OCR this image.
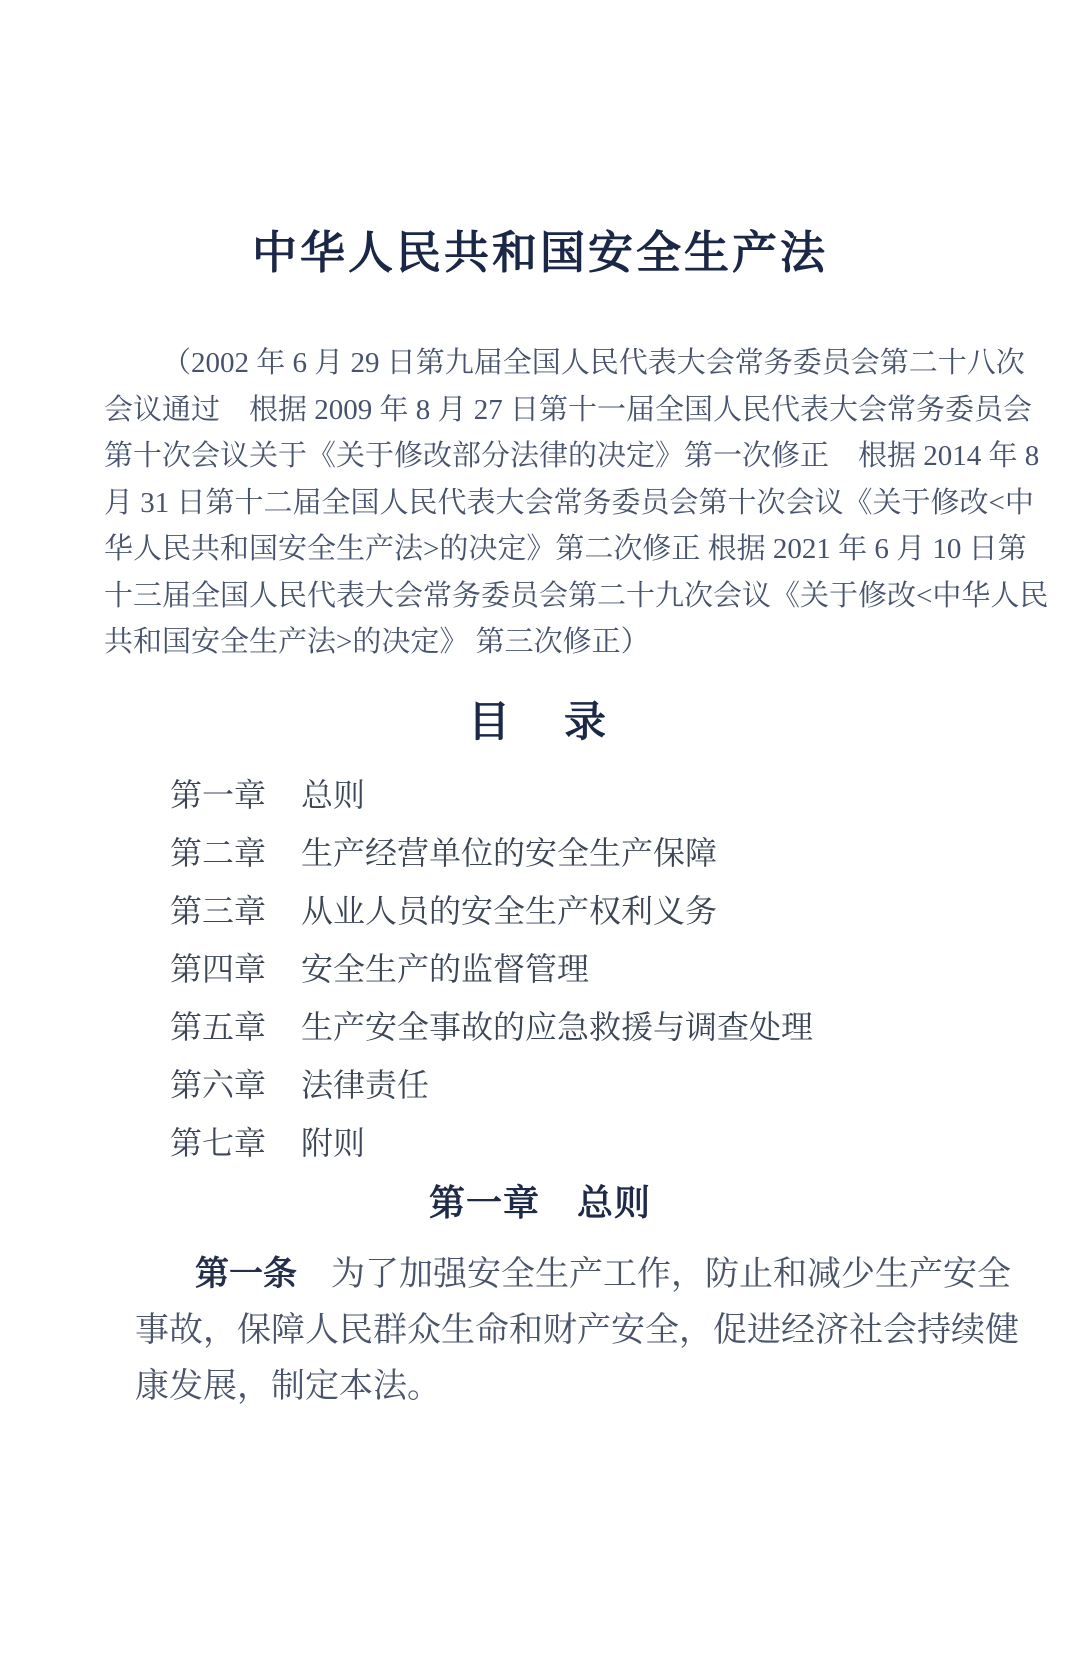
中华人民共和国安全生产法
（2002 年 6 月 29 日第九届全国人民代表大会常务委员会第二十八次
会议通过　根据 2009 年 8 月 27 日第十一届全国人民代表大会常务委员会
第十次会议关于《关于修改部分法律的决定》第一次修正　根据 2014 年 8
月 31 日第十二届全国人民代表大会常务委员会第十次会议《关于修改<中
华人民共和国安全生产法>的决定》第二次修正 根据 2021 年 6 月 10 日第
十三届全国人民代表大会常务委员会第二十九次会议《关于修改<中华人民
共和国安全生产法>的决定》 第三次修正）
目　录
第一章 总则
第二章 生产经营单位的安全生产保障
第三章 从业人员的安全生产权利义务
第四章 安全生产的监督管理
第五章 生产安全事故的应急救援与调查处理
第六章 法律责任
第七章 附则
第一章　总则
第一条 为了加强安全生产工作，防止和减少生产安全
事故，保障人民群众生命和财产安全，促进经济社会持续健
康发展，制定本法。
